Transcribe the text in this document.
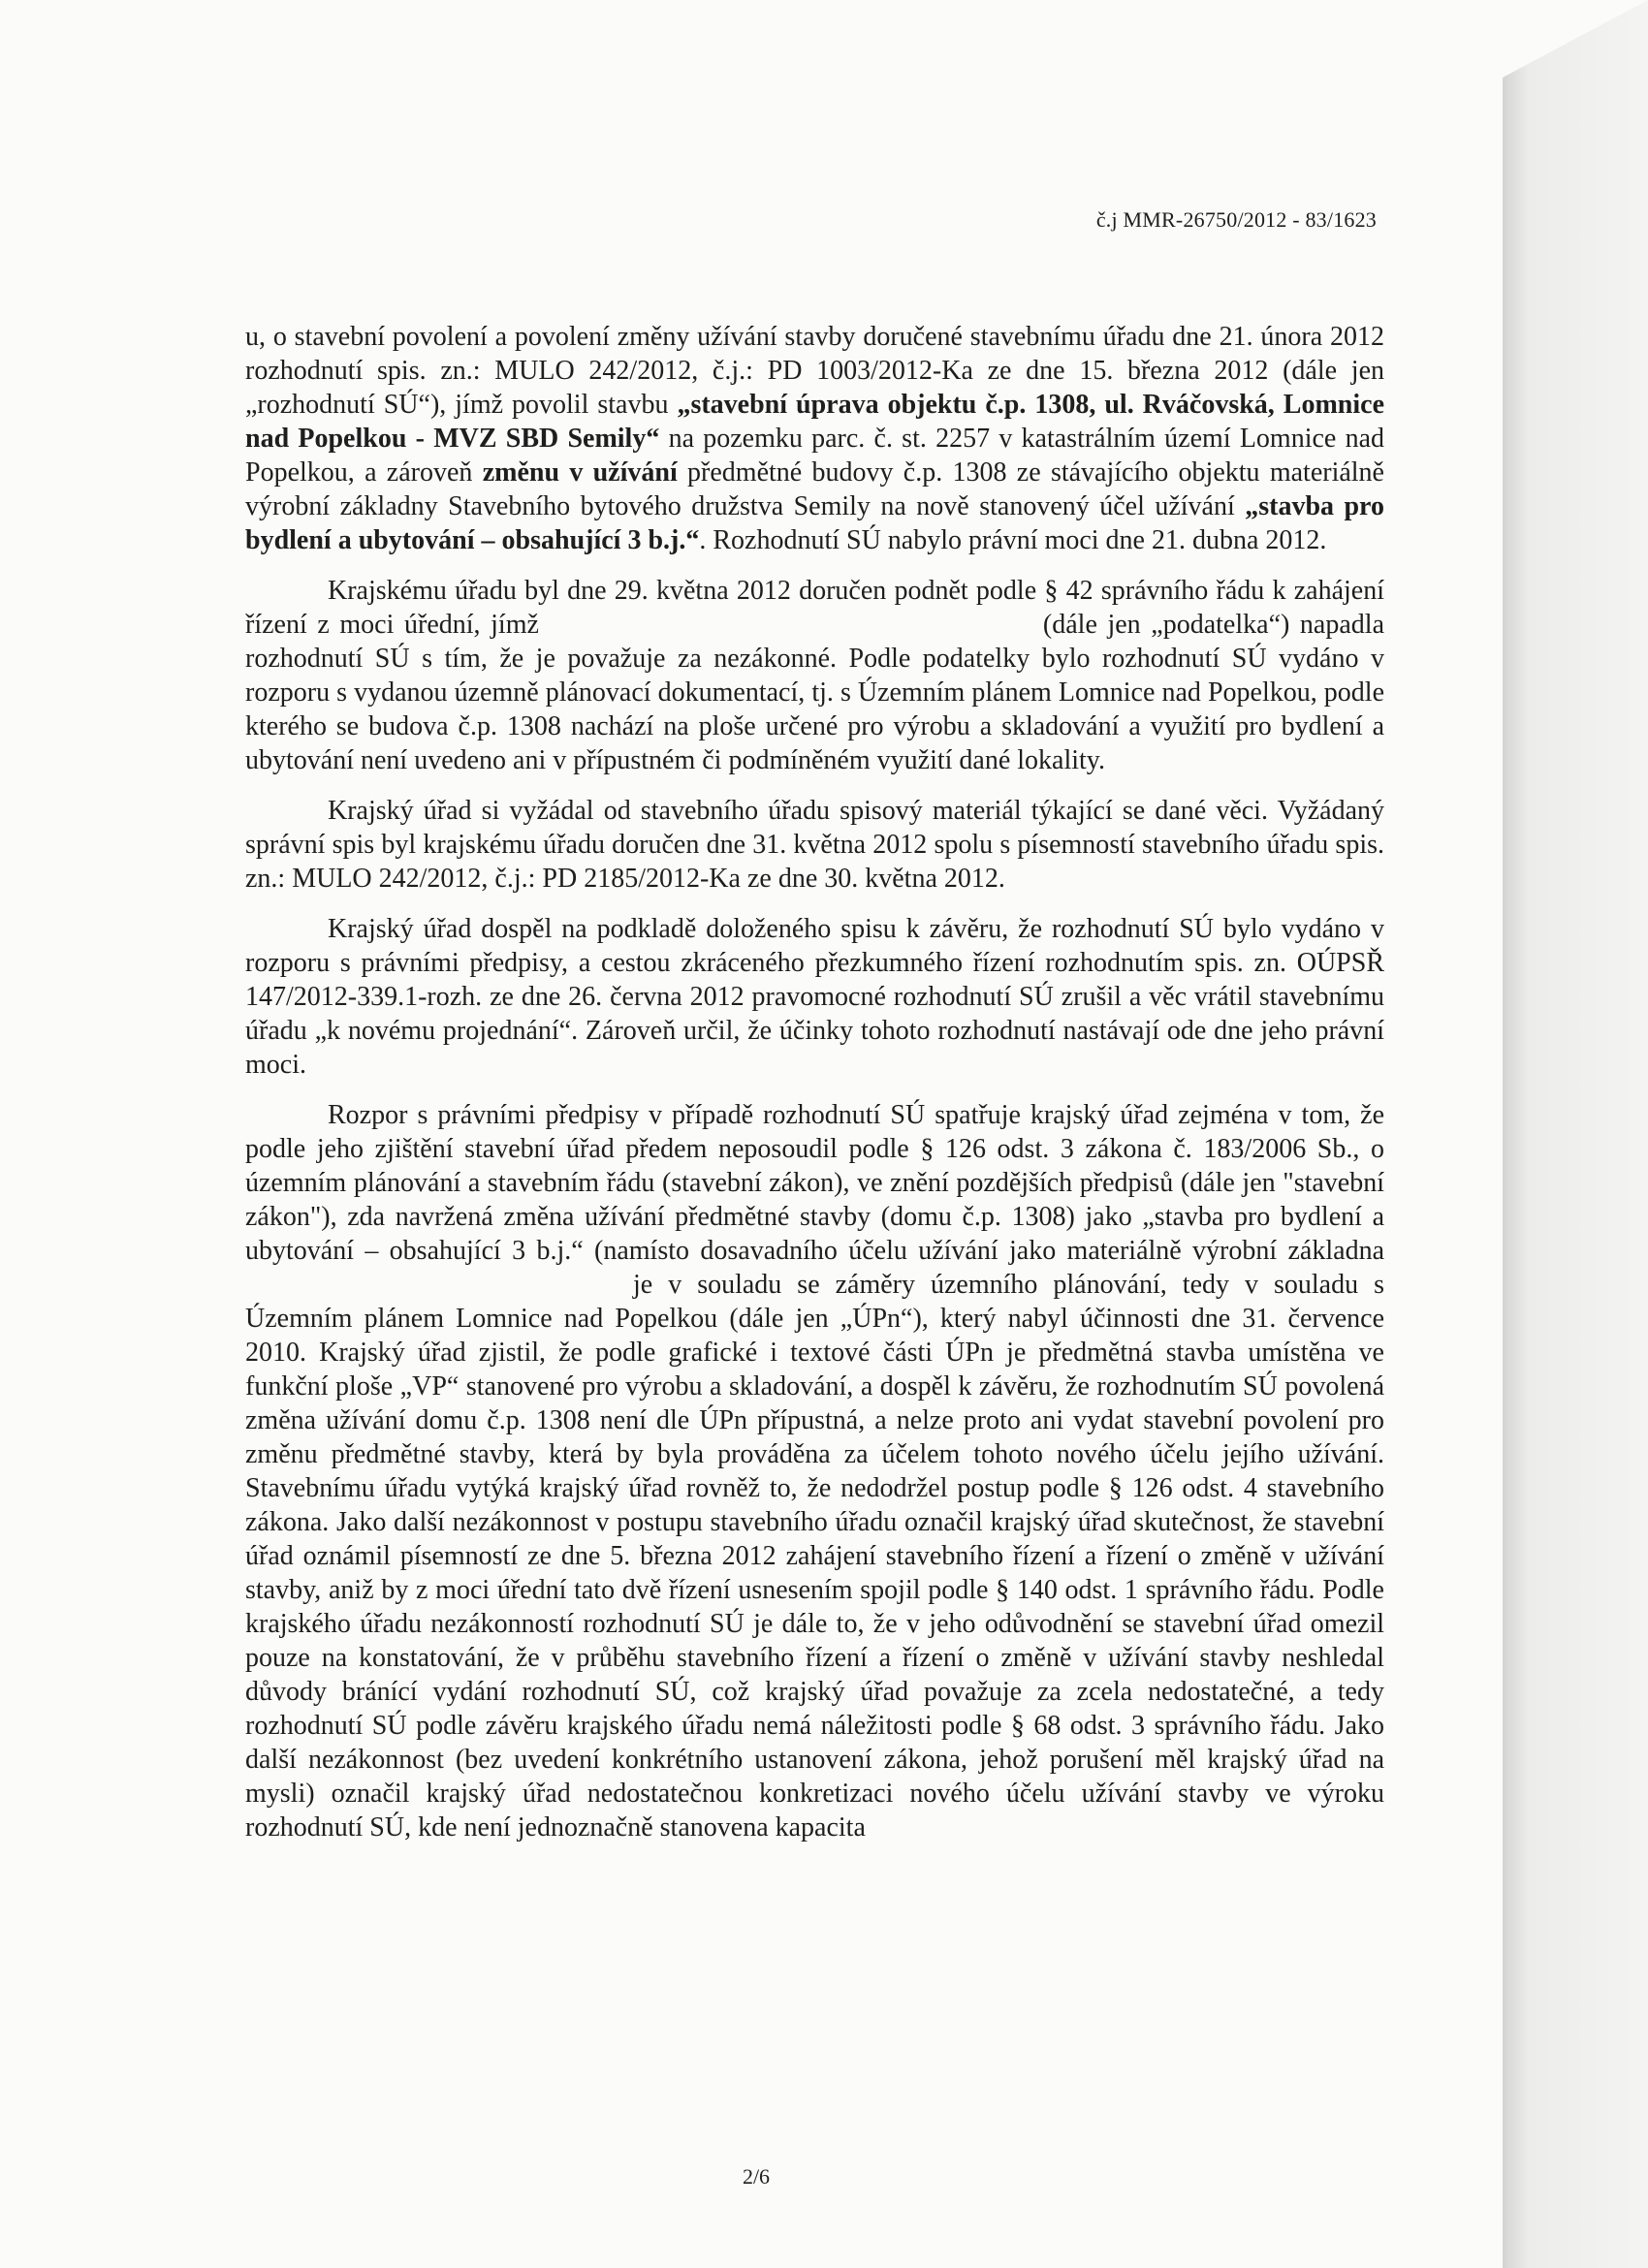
č.j MMR-26750/2012 - 83/1623

u, o stavební povolení a povolení změny užívání stavby doručené stavebnímu úřadu dne 21. února 2012 rozhodnutí spis. zn.: MULO 242/2012, č.j.: PD 1003/2012-Ka ze dne 15. března 2012 (dále jen „rozhodnutí SÚ“), jímž povolil stavbu „stavební úprava objektu č.p. 1308, ul. Rváčovská, Lomnice nad Popelkou - MVZ SBD Semily“ na pozemku parc. č. st. 2257 v katastrálním území Lomnice nad Popelkou, a zároveň změnu v užívání předmětné budovy č.p. 1308 ze stávajícího objektu materiálně výrobní základny Stavebního bytového družstva Semily na nově stanovený účel užívání „stavba pro bydlení a ubytování – obsahující 3 b.j.“. Rozhodnutí SÚ nabylo právní moci dne 21. dubna 2012.

Krajskému úřadu byl dne 29. května 2012 doručen podnět podle § 42 správního řádu k zahájení řízení z moci úřední, jímž	(dále jen „podatelka“) napadla rozhodnutí SÚ s tím, že je považuje za nezákonné. Podle podatelky bylo rozhodnutí SÚ vydáno v rozporu s vydanou územně plánovací dokumentací, tj. s Územním plánem Lomnice nad Popelkou, podle kterého se budova č.p. 1308 nachází na ploše určené pro výrobu a skladování a využití pro bydlení a ubytování není uvedeno ani v přípustném či podmíněném využití dané lokality.

Krajský úřad si vyžádal od stavebního úřadu spisový materiál týkající se dané věci. Vyžádaný správní spis byl krajskému úřadu doručen dne 31. května 2012 spolu s písemností stavebního úřadu spis. zn.: MULO 242/2012, č.j.: PD 2185/2012-Ka ze dne 30. května 2012.

Krajský úřad dospěl na podkladě doloženého spisu k závěru, že rozhodnutí SÚ bylo vydáno v rozporu s právními předpisy, a cestou zkráceného přezkumného řízení rozhodnutím spis. zn. OÚPSŘ 147/2012-339.1-rozh. ze dne 26. června 2012 pravomocné rozhodnutí SÚ zrušil a věc vrátil stavebnímu úřadu „k novému projednání“. Zároveň určil, že účinky tohoto rozhodnutí nastávají ode dne jeho právní moci.

Rozpor s právními předpisy v případě rozhodnutí SÚ spatřuje krajský úřad zejména v tom, že podle jeho zjištění stavební úřad předem neposoudil podle § 126 odst. 3 zákona č. 183/2006 Sb., o územním plánování a stavebním řádu (stavební zákon), ve znění pozdějších předpisů (dále jen "stavební zákon"), zda navržená změna užívání předmětné stavby (domu č.p. 1308) jako „stavba pro bydlení a ubytování – obsahující 3 b.j.“ (namísto dosavadního účelu užívání jako materiálně výrobní základnaje v souladu se záměry územního plánování, tedy v souladu s Územním plánem Lomnice nad Popelkou (dále jen „ÚPn“), který nabyl účinnosti dne 31. července 2010. Krajský úřad zjistil, že podle grafické i textové části ÚPn je předmětná stavba umístěna ve funkční ploše „VP“ stanovené pro výrobu a skladování, a dospěl k závěru, že rozhodnutím SÚ povolená změna užívání domu č.p. 1308 není dle ÚPn přípustná, a nelze proto ani vydat stavební povolení pro změnu předmětné stavby, která by byla prováděna za účelem tohoto nového účelu jejího užívání. Stavebnímu úřadu vytýká krajský úřad rovněž to, že nedodržel postup podle § 126 odst. 4 stavebního zákona. Jako další nezákonnost v postupu stavebního úřadu označil krajský úřad skutečnost, že stavební úřad oznámil písemností ze dne 5. března 2012 zahájení stavebního řízení a řízení o změně v užívání stavby, aniž by z moci úřední tato dvě řízení usnesením spojil podle § 140 odst. 1 správního řádu. Podle krajského úřadu nezákonností rozhodnutí SÚ je dále to, že v jeho odůvodnění se stavební úřad omezil pouze na konstatování, že v průběhu stavebního řízení a řízení o změně v užívání stavby neshledal důvody bránící vydání rozhodnutí SÚ, což krajský úřad považuje za zcela nedostatečné, a tedy rozhodnutí SÚ podle závěru krajského úřadu nemá náležitosti podle § 68 odst. 3 správního řádu. Jako další nezákonnost (bez uvedení konkrétního ustanovení zákona, jehož porušení měl krajský úřad na mysli) označil krajský úřad nedostatečnou konkretizaci nového účelu užívání stavby ve výroku rozhodnutí SÚ, kde není jednoznačně stanovena kapacita

2/6
